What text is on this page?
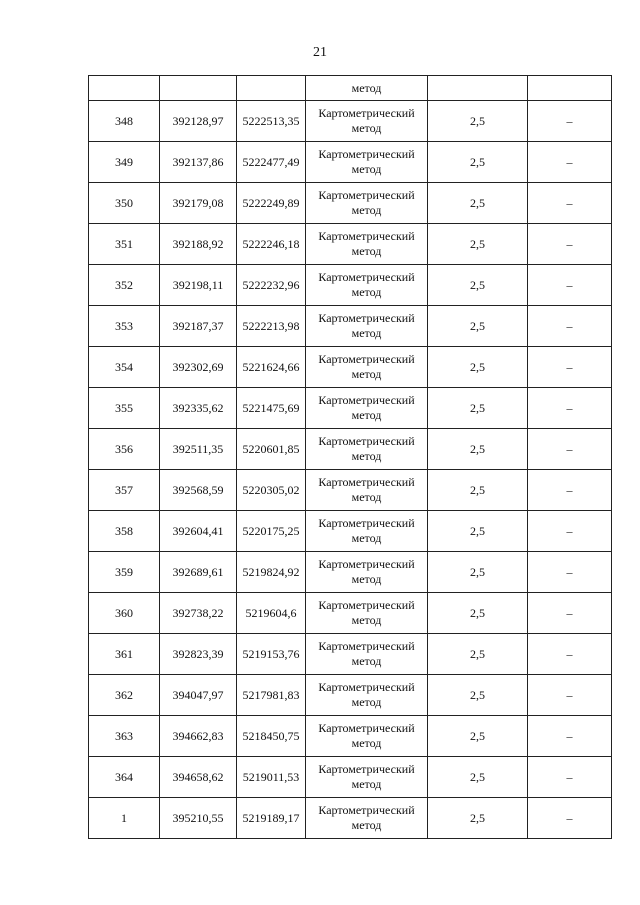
21
			метод		
348	392128,97	5222513,35	Картометрический
метод	2,5	–
349	392137,86	5222477,49	Картометрический
метод	2,5	–
350	392179,08	5222249,89	Картометрический
метод	2,5	–
351	392188,92	5222246,18	Картометрический
метод	2,5	–
352	392198,11	5222232,96	Картометрический
метод	2,5	–
353	392187,37	5222213,98	Картометрический
метод	2,5	–
354	392302,69	5221624,66	Картометрический
метод	2,5	–
355	392335,62	5221475,69	Картометрический
метод	2,5	–
356	392511,35	5220601,85	Картометрический
метод	2,5	–
357	392568,59	5220305,02	Картометрический
метод	2,5	–
358	392604,41	5220175,25	Картометрический
метод	2,5	–
359	392689,61	5219824,92	Картометрический
метод	2,5	–
360	392738,22	5219604,6	Картометрический
метод	2,5	–
361	392823,39	5219153,76	Картометрический
метод	2,5	–
362	394047,97	5217981,83	Картометрический
метод	2,5	–
363	394662,83	5218450,75	Картометрический
метод	2,5	–
364	394658,62	5219011,53	Картометрический
метод	2,5	–
1	395210,55	5219189,17	Картометрический
метод	2,5	–
